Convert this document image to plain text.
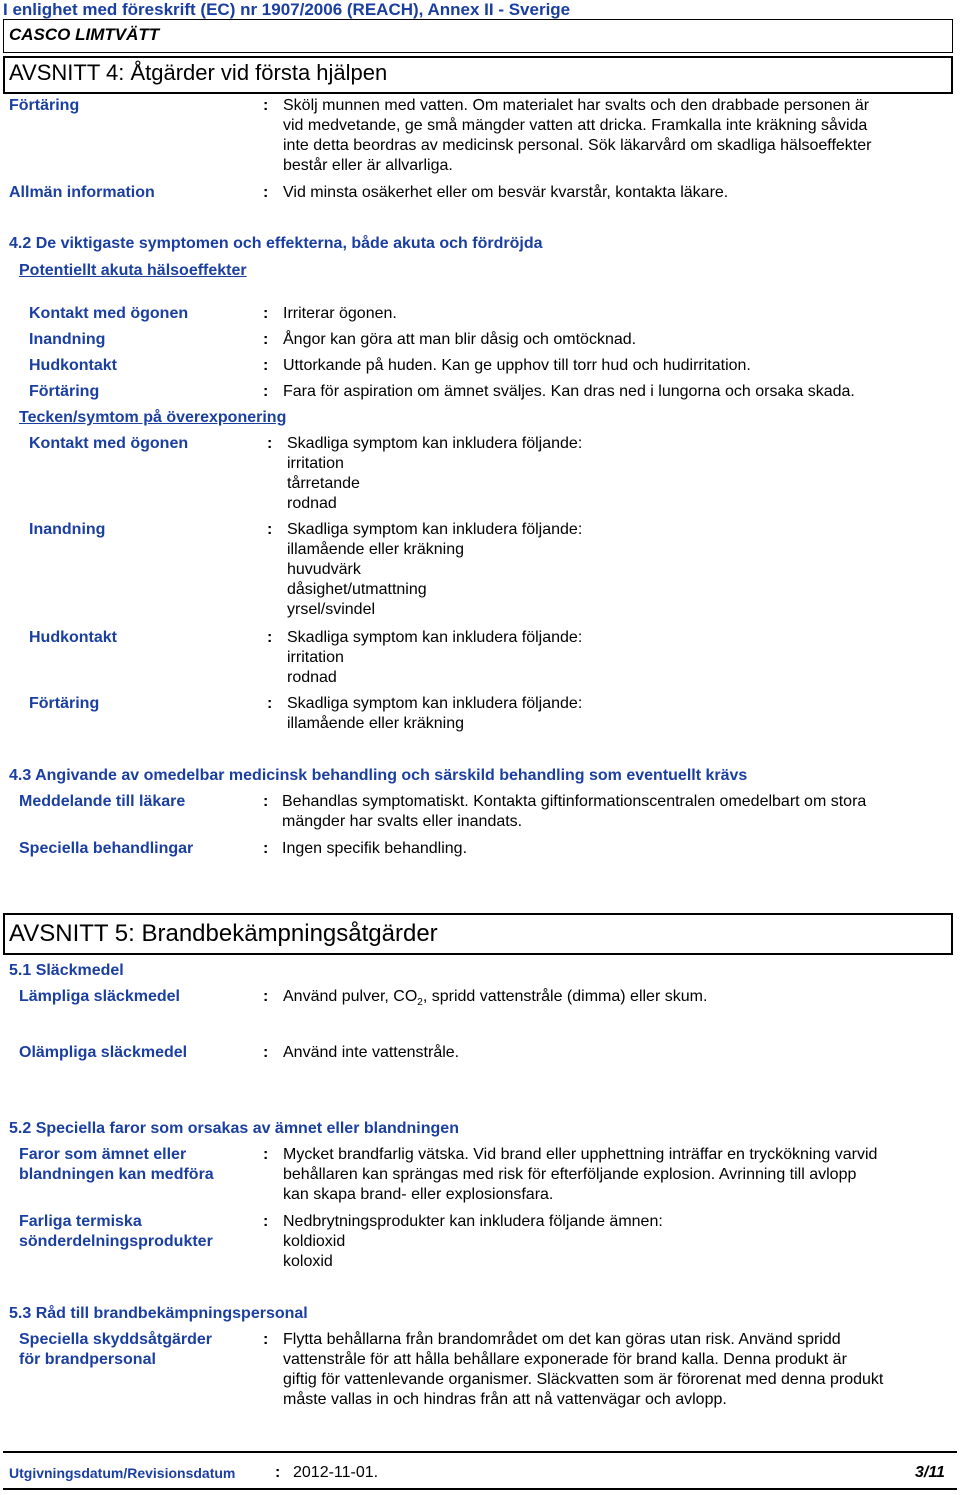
I enlighet med föreskrift (EC) nr 1907/2006 (REACH), Annex II - Sverige
CASCO LIMTVÄTT
AVSNITT 4: Åtgärder vid första hjälpen
Förtäring	: Skölj munnen med vatten. Om materialet har svalts och den drabbade personen är
vid medvetande, ge små mängder vatten att dricka. Framkalla inte kräkning såvida
inte detta beordras av medicinsk personal. Sök läkarvård om skadliga hälsoeffekter
består eller är allvarliga.
Allmän information	: Vid minsta osäkerhet eller om besvär kvarstår, kontakta läkare.
4.2 De viktigaste symptomen och effekterna, både akuta och fördröjda
Potentiellt akuta hälsoeffekter
Kontakt med ögonen	: Irriterar ögonen.
Inandning	: Ångor kan göra att man blir dåsig och omtöcknad.
Hudkontakt	: Uttorkande på huden. Kan ge upphov till torr hud och hudirritation.
Förtäring	: Fara för aspiration om ämnet sväljes. Kan dras ned i lungorna och orsaka skada.
Tecken/symtom på överexponering
Kontakt med ögonen	: Skadliga symptom kan inkludera följande:
irritation
tårretande
rodnad
Inandning	: Skadliga symptom kan inkludera följande:
illamående eller kräkning
huvudvärk
dåsighet/utmattning
yrsel/svindel
Hudkontakt	: Skadliga symptom kan inkludera följande:
irritation
rodnad
Förtäring	: Skadliga symptom kan inkludera följande:
illamående eller kräkning
4.3 Angivande av omedelbar medicinsk behandling och särskild behandling som eventuellt krävs
Meddelande till läkare	: Behandlas symptomatiskt. Kontakta giftinformationscentralen omedelbart om stora
mängder har svalts eller inandats.
Speciella behandlingar	: Ingen specifik behandling.
AVSNITT 5: Brandbekämpningsåtgärder
5.1 Släckmedel
Lämpliga släckmedel	: Använd pulver, $CO_2$, spridd vattenstråle (dimma) eller skum.
Olämpliga släckmedel	: Använd inte vattenstråle.
5.2 Speciella faror som orsakas av ämnet eller blandningen
Faror som ämnet eller
blandningen kan medföra
: Mycket brandfarlig vätska. Vid brand eller upphettning inträffar en tryckökning varvid
behållaren kan sprängas med risk för efterföljande explosion. Avrinning till avlopp
kan skapa brand- eller explosionsfara.
Farliga termiska
sönderdelningsprodukter
: Nedbrytningsprodukter kan inkludera följande ämnen:
koldioxid
koloxid
5.3 Råd till brandbekämpningspersonal
Speciella skyddsåtgärder
för brandpersonal
: Flytta behållarna från brandområdet om det kan göras utan risk. Använd spridd
vattenstråle för att hålla behållare exponerade för brand kalla. Denna produkt är
giftig för vattenlevande organismer. Släckvatten som är förorenat med denna produkt
måste vallas in och hindras från att nå vattenvägar och avlopp.
Utgivningsdatum/Revisionsdatum : 2012-11-01.	3/11
